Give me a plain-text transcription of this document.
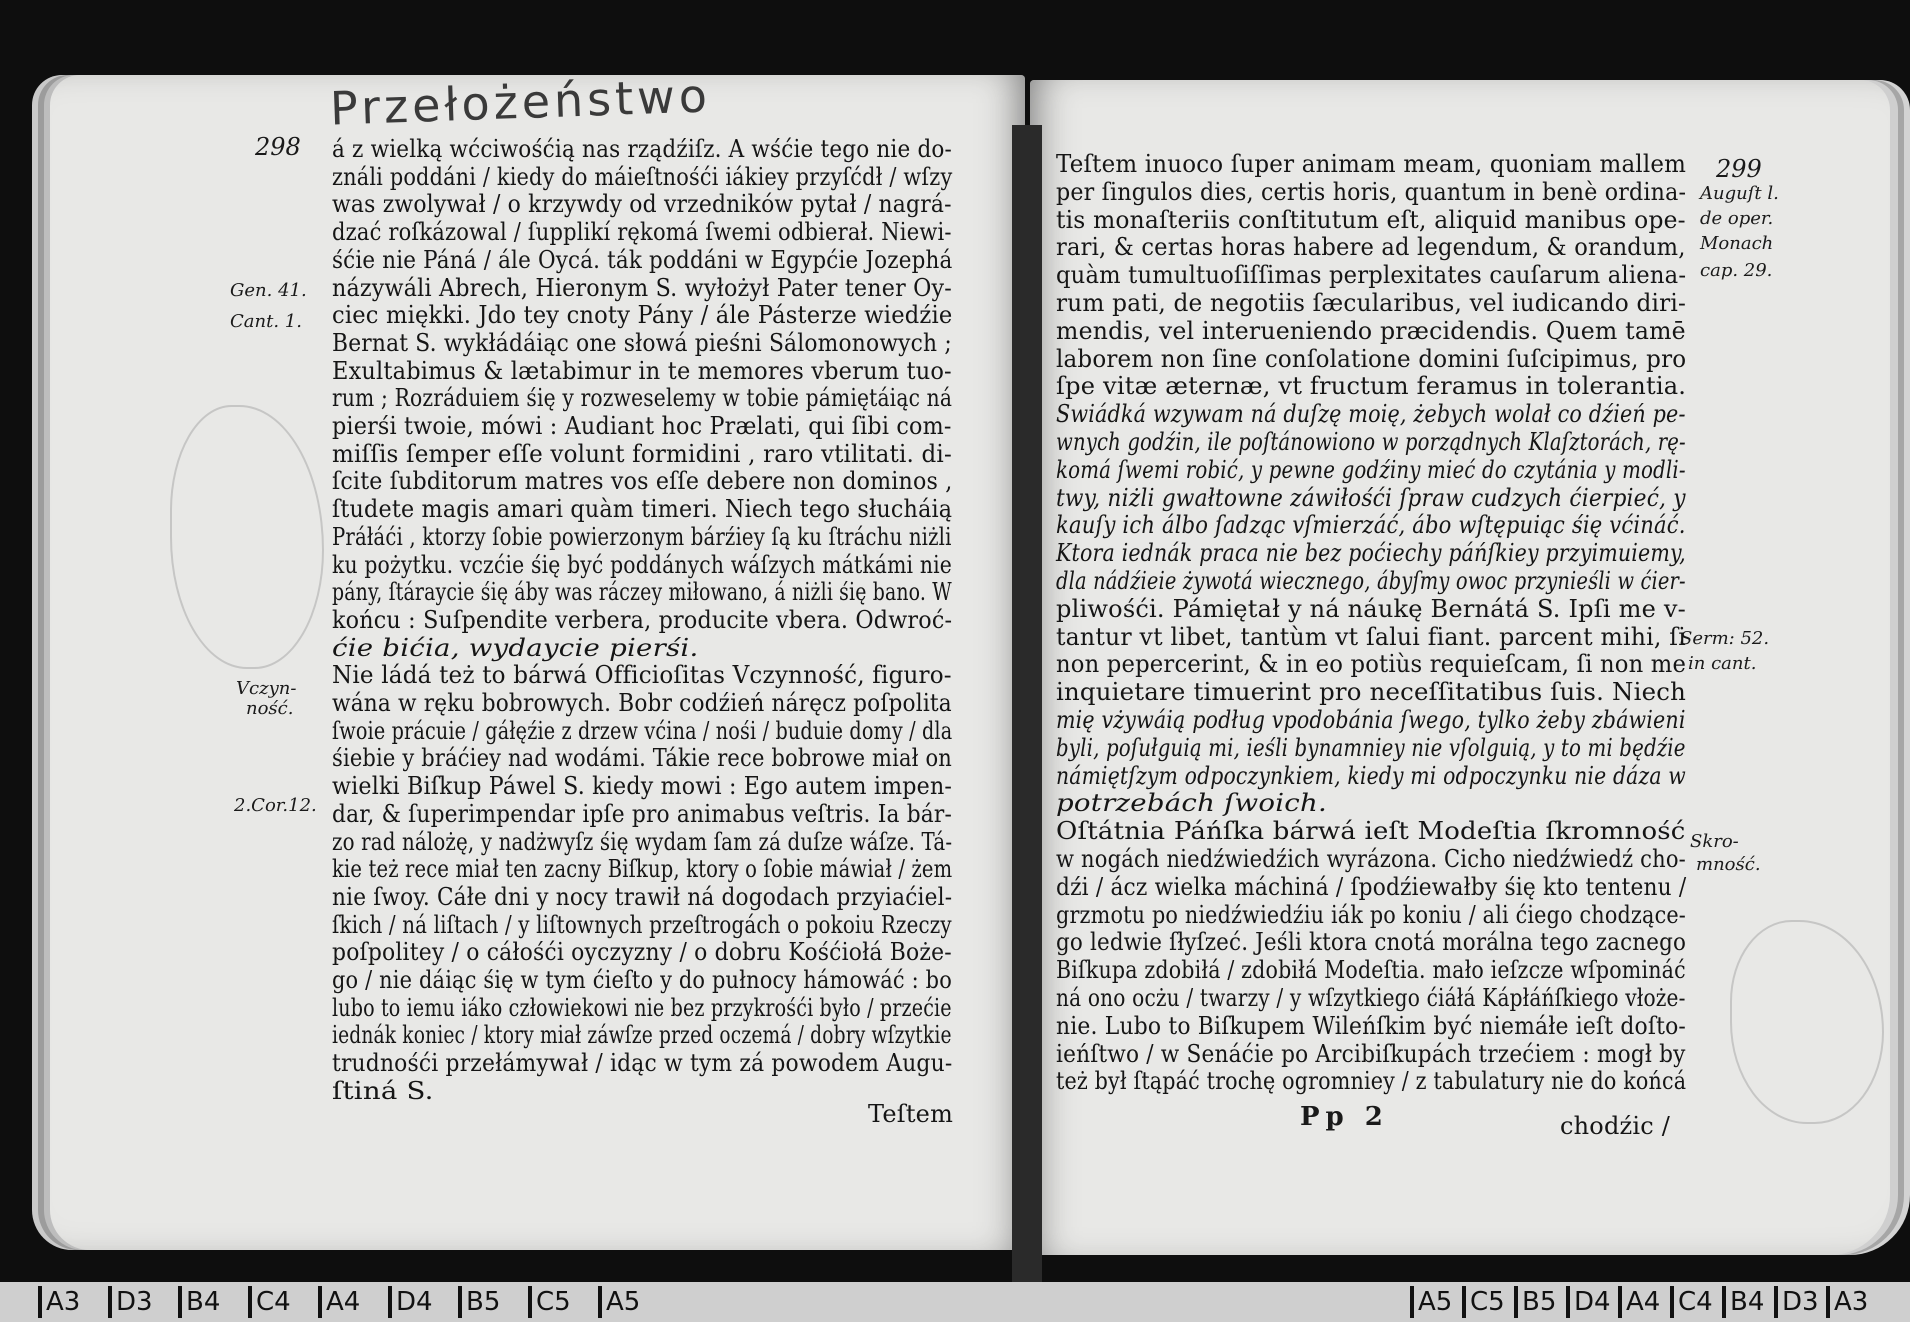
Przełożeństwo
298
Gen. 41.
Cant. 1.
Vczyn-
ność.
2.Cor.12.
á z wielką wćciwośćią nas rządźiſz. A wśćie tego nie do-
ználi poddáni / kiedy do máieſtnośći iákiey przyſćdł / wſzy
was zwolywał / o krzywdy od vrzedników pytał / nagrá-
dzać roſkázowal / ſupplikí rękomá ſwemi odbierał. Niewi-
śćie nie Páná / ále Oycá. ták poddáni w Egypćie Jozephá
názywáli Abrech, Hieronym S. wyłożył Pater tener Oy-
ciec miękki. Jdo tey cnoty Pány / ále Pásterze wiedźie
Bernat S. wykłádáiąc one słowá pieśni Sálomonowych ;
Exultabimus & lætabimur in te memores vberum tuo-
rum ; Rozráduiem śię y rozweselemy w tobie pámiętáiąc ná
pierśi twoie, mówi : Audiant hoc Prælati, qui ſibi com-
miſſis ſemper eſſe volunt formidini , raro vtilitati. di-
ſcite ſubditorum matres vos eſſe debere non dominos ,
ſtudete magis amari quàm timeri. Niech tego słucháią
Práłáći , ktorzy ſobie powierzonym bárźiey ſą ku ſtráchu niżli
ku pożytku. vczćie śię być poddánych wáſzych mátkámi nie
pány, ſtáraycie śię áby was ráczey miłowano, á niżli śię bano. W
końcu : Suſpendite verbera, producite vbera. Odwroć-
ćie bićia, wydaycie pierśi.
Nie ládá też to bárwá Officioſitas Vczynność, figuro-
wána w ręku bobrowych. Bobr codźień náręcz poſpolita
ſwoie prácuie / gáłęźie z drzew vćina / nośi / buduie domy / dla
śiebie y bráćiey nad wodámi. Tákie rece bobrowe miał on
wielki Biſkup Páwel S. kiedy mowi : Ego autem impen-
dar, & ſuperimpendar ipſe pro animabus veſtris. Ia bár-
zo rad nálożę, y nadżwyſz śię wydam ſam zá duſze wáſze. Tá-
kie też rece miał ten zacny Biſkup, ktory o ſobie máwiał / żem
nie ſwoy. Cáłe dni y nocy trawił ná dogodach przyiaćiel-
ſkich / ná liſtach / y liſtownych przeſtrogách o pokoiu Rzeczy
poſpolitey / o cáłośći oyczyzny / o dobru Kośćiołá Boże-
go / nie dáiąc śię w tym ćieſto y do pułnocy hámowáć : bo
lubo to iemu iáko człowiekowi nie bez przykrośći było / przećie
iednák koniec / ktory miał záwſze przed oczemá / dobry wſzytkie
trudnośći przełámywał / idąc w tym zá powodem Augu-
ſtiná S.
Teſtem
299
Auguſt l.
de oper.
Monach
cap. 29.
Serm: 52.
in cant.
Skro-
mność.
Teſtem inuoco ſuper animam meam, quoniam mallem
per ſingulos dies, certis horis, quantum in benè ordina-
tis monaſteriis conſtitutum eſt, aliquid manibus ope-
rari, & certas horas habere ad legendum, & orandum,
quàm tumultuoſiſſimas perplexitates cauſarum aliena-
rum pati, de negotiis ſæcularibus, vel iudicando diri-
mendis, vel interueniendo præcidendis. Quem tamē
laborem non ſine conſolatione domini ſuſcipimus, pro
ſpe vitæ æternæ, vt fructum feramus in tolerantia.
Swiádká wzywam ná duſzę moię, żebych wolał co dźień pe-
wnych godźin, ile poſtánowiono w porządnych Klaſztorách, rę-
komá ſwemi robić, y pewne godźiny mieć do czytánia y modli-
twy, niżli gwałtowne záwiłośći ſpraw cudzych ćierpieć, y
kauſy ich álbo ſadząc vſmierzáć, ábo wſtępuiąc śię vćináć.
Ktora iednák praca nie bez poćiechy páńſkiey przyimuiemy,
dla nádźieie żywotá wiecznego, ábyſmy owoc przynieśli w ćier-
pliwośći. Pámiętał y ná náukę Bernátá S. Ipſi me v-
tantur vt libet, tantùm vt ſalui fiant. parcent mihi, ſi
non pepercerint, & in eo potiùs requieſcam, ſi non me
inquietare timuerint pro neceſſitatibus ſuis. Niech
mię vżywáią podług vpodobánia ſwego, tylko żeby zbáwieni
byli, poſułguią mi, ieśli bynamniey nie vſolguią, y to mi będźie
námiętſzym odpoczynkiem, kiedy mi odpoczynku nie dáza w
potrzebách ſwoich.
Oſtátnia Páńſka bárwá ieſt Modeſtia ſkromność
w nogách niedźwiedźich wyrázona. Cicho niedźwiedź cho-
dźi / ácz wielka máchiná / ſpodźiewałby śię kto tentenu /
grzmotu po niedźwiedźiu iák po koniu / ali ćiego chodzące-
go ledwie ſłyſzeć. Jeśli ktora cnotá morálna tego zacnego
Biſkupa zdobiłá / zdobiłá Modeſtia. mało ieſzcze wſpomináć
ná ono ocżu / twarzy / y wſzytkiego ćiáłá Kápłáńſkiego vłoże-
nie. Lubo to Biſkupem Wileńſkim być niemáłe ieſt doſto-
ieńſtwo / w Senáćie po Arcibiſkupách trzećiem : mogł by
też był ſtąpáć trochę ogromniey / z tabulatury nie do końcá
Pp 2	chodźic /
A3	D3	B4	C4	A4	D4	B5	C5	A5	A5 C5 B5 D4 A4 C4 B4 D3 A3
